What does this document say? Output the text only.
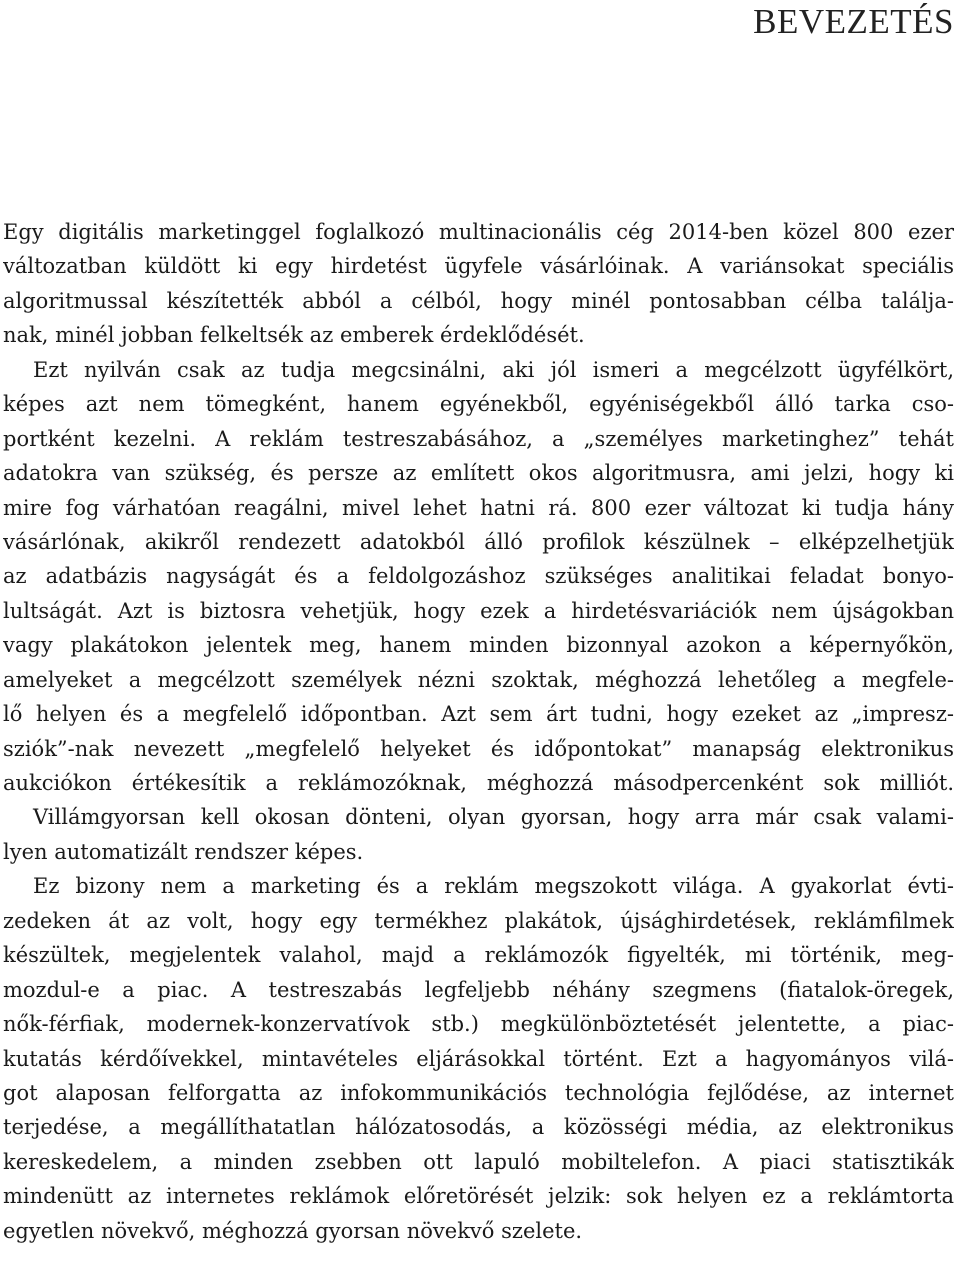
BEVEZETÉS
Egy digitális marketinggel foglalkozó multinacionális cég 2014-ben közel 800 ezer
változatban küldött ki egy hirdetést ügyfele vásárlóinak. A variánsokat speciális
algoritmussal készítették abból a célból, hogy minél pontosabban célba találja-
nak, minél jobban felkeltsék az emberek érdeklődését.
Ezt nyilván csak az tudja megcsinálni, aki jól ismeri a megcélzott ügyfélkört,
képes azt nem tömegként, hanem egyénekből, egyéniségekből álló tarka cso-
portként kezelni. A reklám testreszabásához, a „személyes marketinghez” tehát
adatokra van szükség, és persze az említett okos algoritmusra, ami jelzi, hogy ki
mire fog várhatóan reagálni, mivel lehet hatni rá. 800 ezer változat ki tudja hány
vásárlónak, akikről rendezett adatokból álló profilok készülnek – elképzelhetjük
az adatbázis nagyságát és a feldolgozáshoz szükséges analitikai feladat bonyo-
lultságát. Azt is biztosra vehetjük, hogy ezek a hirdetésvariációk nem újságokban
vagy plakátokon jelentek meg, hanem minden bizonnyal azokon a képernyőkön,
amelyeket a megcélzott személyek nézni szoktak, méghozzá lehetőleg a megfele-
lő helyen és a megfelelő időpontban. Azt sem árt tudni, hogy ezeket az „impresz-
sziók”-nak nevezett „megfelelő helyeket és időpontokat” manapság elektronikus
aukciókon értékesítik a reklámozóknak, méghozzá másodpercenként sok milliót.
Villámgyorsan kell okosan dönteni, olyan gyorsan, hogy arra már csak valami-
lyen automatizált rendszer képes.
Ez bizony nem a marketing és a reklám megszokott világa. A gyakorlat évti-
zedeken át az volt, hogy egy termékhez plakátok, újsághirdetések, reklámfilmek
készültek, megjelentek valahol, majd a reklámozók figyelték, mi történik, meg-
mozdul-e a piac. A testreszabás legfeljebb néhány szegmens (fiatalok-öregek,
nők-férfiak, modernek-konzervatívok stb.) megkülönböztetését jelentette, a piac-
kutatás kérdőívekkel, mintavételes eljárásokkal történt. Ezt a hagyományos vilá-
got alaposan felforgatta az infokommunikációs technológia fejlődése, az internet
terjedése, a megállíthatatlan hálózatosodás, a közösségi média, az elektronikus
kereskedelem, a minden zsebben ott lapuló mobiltelefon. A piaci statisztikák
mindenütt az internetes reklámok előretörését jelzik: sok helyen ez a reklámtorta
egyetlen növekvő, méghozzá gyorsan növekvő szelete.
